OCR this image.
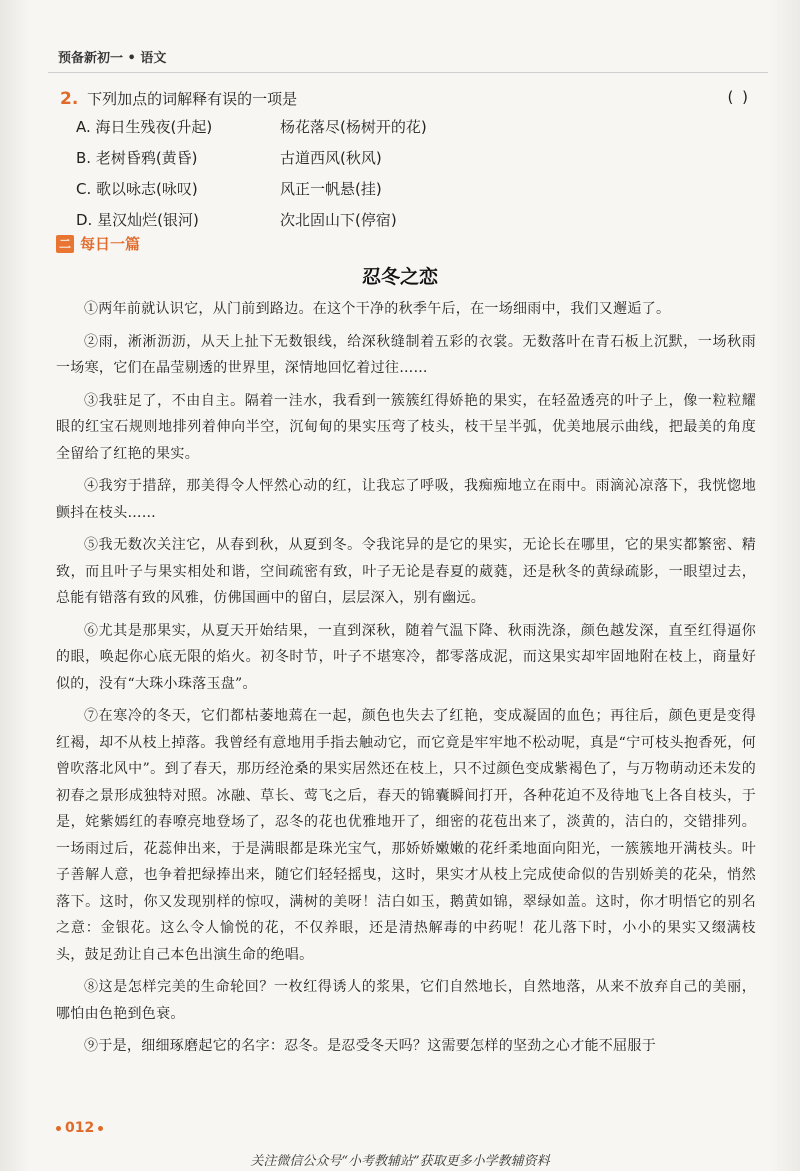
预备新初一 • 语文
2. 下列加点的词解释有误的一项是	( )
A. 海日生残夜(升起)	杨花落尽(杨树开的花)
B. 老树昏鸦(黄昏)	古道西风(秋风)
C. 歌以咏志(咏叹)	风正一帆悬(挂)
D. 星汉灿烂(银河)	次北固山下(停宿)
二 每日一篇
忍冬之恋

①两年前就认识它，从门前到路边。在这个干净的秋季午后，在一场细雨中，我们又邂逅了。

②雨，淅淅沥沥，从天上扯下无数银线，给深秋缝制着五彩的衣裳。无数落叶在青石板上沉默，一场秋雨一场寒，它们在晶莹剔透的世界里，深情地回忆着过往……

③我驻足了，不由自主。隔着一洼水，我看到一簇簇红得娇艳的果实，在轻盈透亮的叶子上，像一粒粒耀眼的红宝石规则地排列着伸向半空，沉甸甸的果实压弯了枝头，枝干呈半弧，优美地展示曲线，把最美的角度全留给了红艳的果实。

④我穷于措辞，那美得令人怦然心动的红，让我忘了呼吸，我痴痴地立在雨中。雨滴沁凉落下，我恍惚地颤抖在枝头……

⑤我无数次关注它，从春到秋，从夏到冬。令我诧异的是它的果实，无论长在哪里，它的果实都繁密、精致，而且叶子与果实相处和谐，空间疏密有致，叶子无论是春夏的葳蕤，还是秋冬的黄绿疏影，一眼望过去，总能有错落有致的风雅，仿佛国画中的留白，层层深入，别有幽远。

⑥尤其是那果实，从夏天开始结果，一直到深秋，随着气温下降、秋雨洗涤，颜色越发深，直至红得逼你的眼，唤起你心底无限的焰火。初冬时节，叶子不堪寒冷，都零落成泥，而这果实却牢固地附在枝上，商量好似的，没有“大珠小珠落玉盘”。

⑦在寒冷的冬天，它们都枯萎地蔫在一起，颜色也失去了红艳，变成凝固的血色；再往后，颜色更是变得红褐，却不从枝上掉落。我曾经有意地用手指去触动它，而它竟是牢牢地不松动呢，真是“宁可枝头抱香死，何曾吹落北风中”。到了春天，那历经沧桑的果实居然还在枝上，只不过颜色变成紫褐色了，与万物萌动还未发的初春之景形成独特对照。冰融、草长、莺飞之后，春天的锦囊瞬间打开，各种花迫不及待地飞上各自枝头，于是，姹紫嫣红的春嘹亮地登场了，忍冬的花也优雅地开了，细密的花苞出来了，淡黄的，洁白的，交错排列。一场雨过后，花蕊伸出来，于是满眼都是珠光宝气，那娇娇嫩嫩的花纤柔地面向阳光，一簇簇地开满枝头。叶子善解人意，也争着把绿捧出来，随它们轻轻摇曳，这时，果实才从枝上完成使命似的告别娇美的花朵，悄然落下。这时，你又发现别样的惊叹，满树的美呀！洁白如玉，鹅黄如锦，翠绿如盖。这时，你才明悟它的别名之意：金银花。这么令人愉悦的花，不仅养眼，还是清热解毒的中药呢！花儿落下时，小小的果实又缀满枝头，鼓足劲让自己本色出演生命的绝唱。

⑧这是怎样完美的生命轮回？一枚红得诱人的浆果，它们自然地长，自然地落，从来不放弃自己的美丽，哪怕由色艳到色衰。

⑨于是，细细琢磨起它的名字：忍冬。是忍受冬天吗？这需要怎样的坚劲之心才能不屈服于

012
关注微信公众号“小考教辅站”获取更多小学教辅资料
